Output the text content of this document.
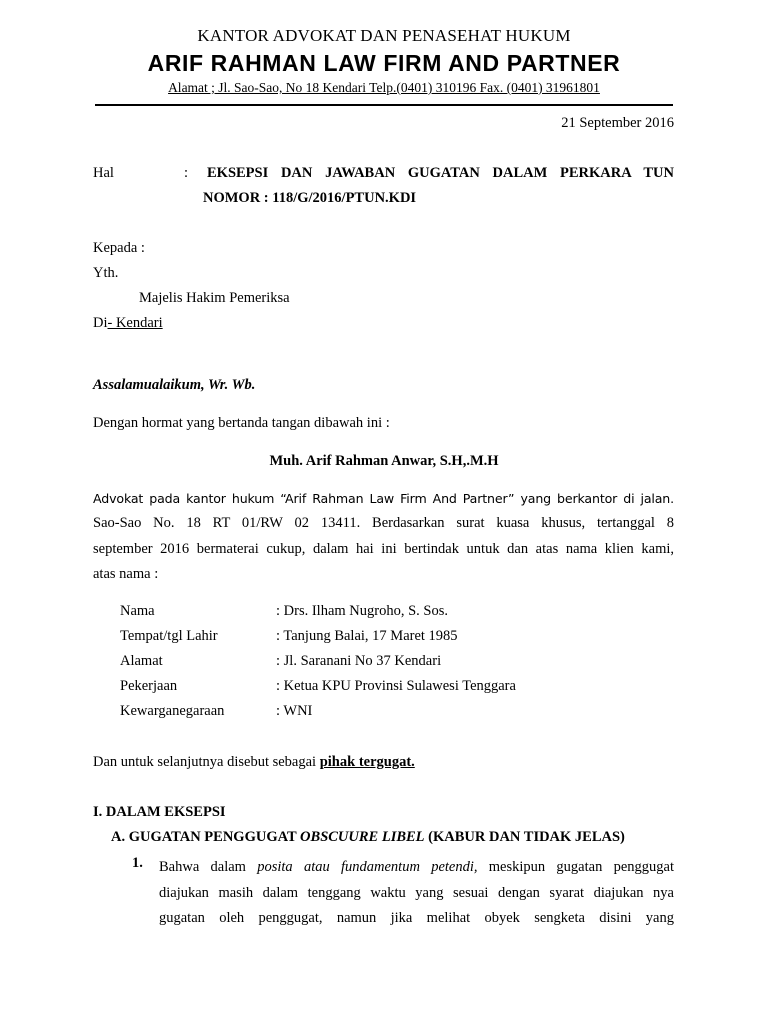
KANTOR ADVOKAT DAN PENASEHAT HUKUM
ARIF RAHMAN LAW FIRM AND PARTNER
Alamat ; Jl. Sao-Sao, No 18 Kendari Telp.(0401) 310196 Fax. (0401) 31961801
21 September 2016
Hal	: EKSEPSI DAN JAWABAN GUGATAN DALAM PERKARA TUN
NOMOR : 118/G/2016/PTUN.KDI
Kepada :
Yth.
Majelis Hakim Pemeriksa
Di- Kendari
Assalamualaikum, Wr. Wb.
Dengan hormat yang bertanda tangan dibawah ini :
Muh. Arif Rahman Anwar, S.H,.M.H
Advokat pada kantor hukum “Arif Rahman Law Firm And Partner” yang berkantor di jalan.
Sao-Sao No. 18 RT 01/RW 02 13411. Berdasarkan surat kuasa khusus, tertanggal 8
september 2016 bermaterai cukup, dalam hai ini bertindak untuk dan atas nama klien kami,
atas nama :
Nama	: Drs. Ilham Nugroho, S. Sos.
Tempat/tgl Lahir	: Tanjung Balai, 17 Maret 1985
Alamat	: Jl. Saranani No 37 Kendari
Pekerjaan	: Ketua KPU Provinsi Sulawesi Tenggara
Kewarganegaraan	: WNI
Dan untuk selanjutnya disebut sebagai pihak tergugat.
I. DALAM EKSEPSI
A. GUGATAN PENGGUGAT OBSCUURE LIBEL (KABUR DAN TIDAK JELAS)
1. Bahwa dalam posita atau fundamentum petendi, meskipun gugatan penggugat
diajukan masih dalam tenggang waktu yang sesuai dengan syarat diajukan nya
gugatan oleh penggugat, namun jika melihat obyek sengketa disini yang
